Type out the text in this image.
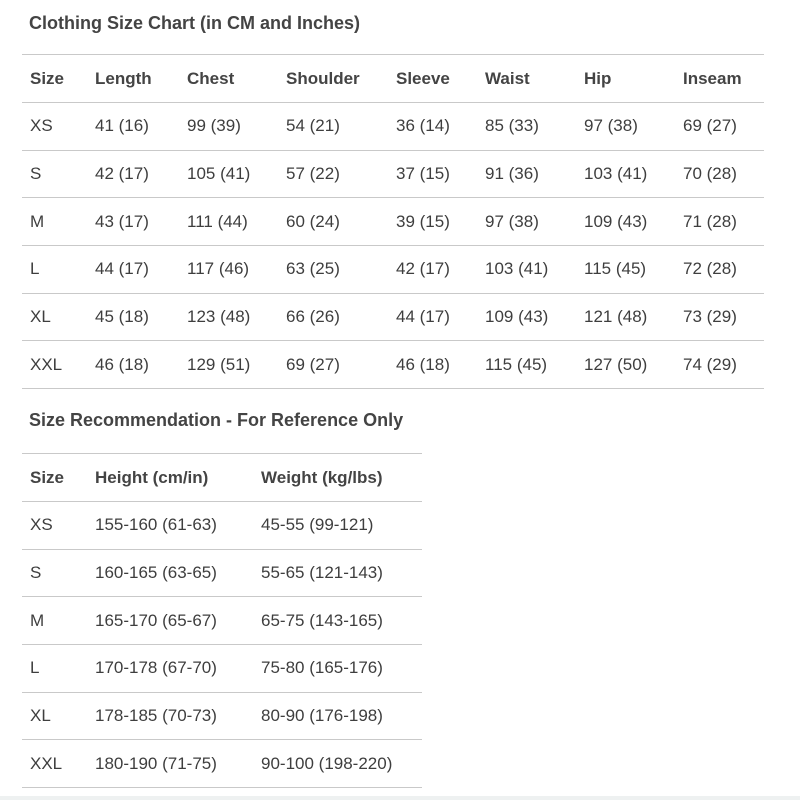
Clothing Size Chart (in CM and Inches)
Size	Length	Chest	Shoulder	Sleeve	Waist	Hip	Inseam
XS	41 (16)	99 (39)	54 (21)	36 (14)	85 (33)	97 (38)	69 (27)
S	42 (17)	105 (41)	57 (22)	37 (15)	91 (36)	103 (41)	70 (28)
M	43 (17)	111 (44)	60 (24)	39 (15)	97 (38)	109 (43)	71 (28)
L	44 (17)	117 (46)	63 (25)	42 (17)	103 (41)	115 (45)	72 (28)
XL	45 (18)	123 (48)	66 (26)	44 (17)	109 (43)	121 (48)	73 (29)
XXL	46 (18)	129 (51)	69 (27)	46 (18)	115 (45)	127 (50)	74 (29)
Size Recommendation - For Reference Only
Size	Height (cm/in)	Weight (kg/lbs)
XS	155-160 (61-63)	45-55 (99-121)
S	160-165 (63-65)	55-65 (121-143)
M	165-170 (65-67)	65-75 (143-165)
L	170-178 (67-70)	75-80 (165-176)
XL	178-185 (70-73)	80-90 (176-198)
XXL	180-190 (71-75)	90-100 (198-220)
